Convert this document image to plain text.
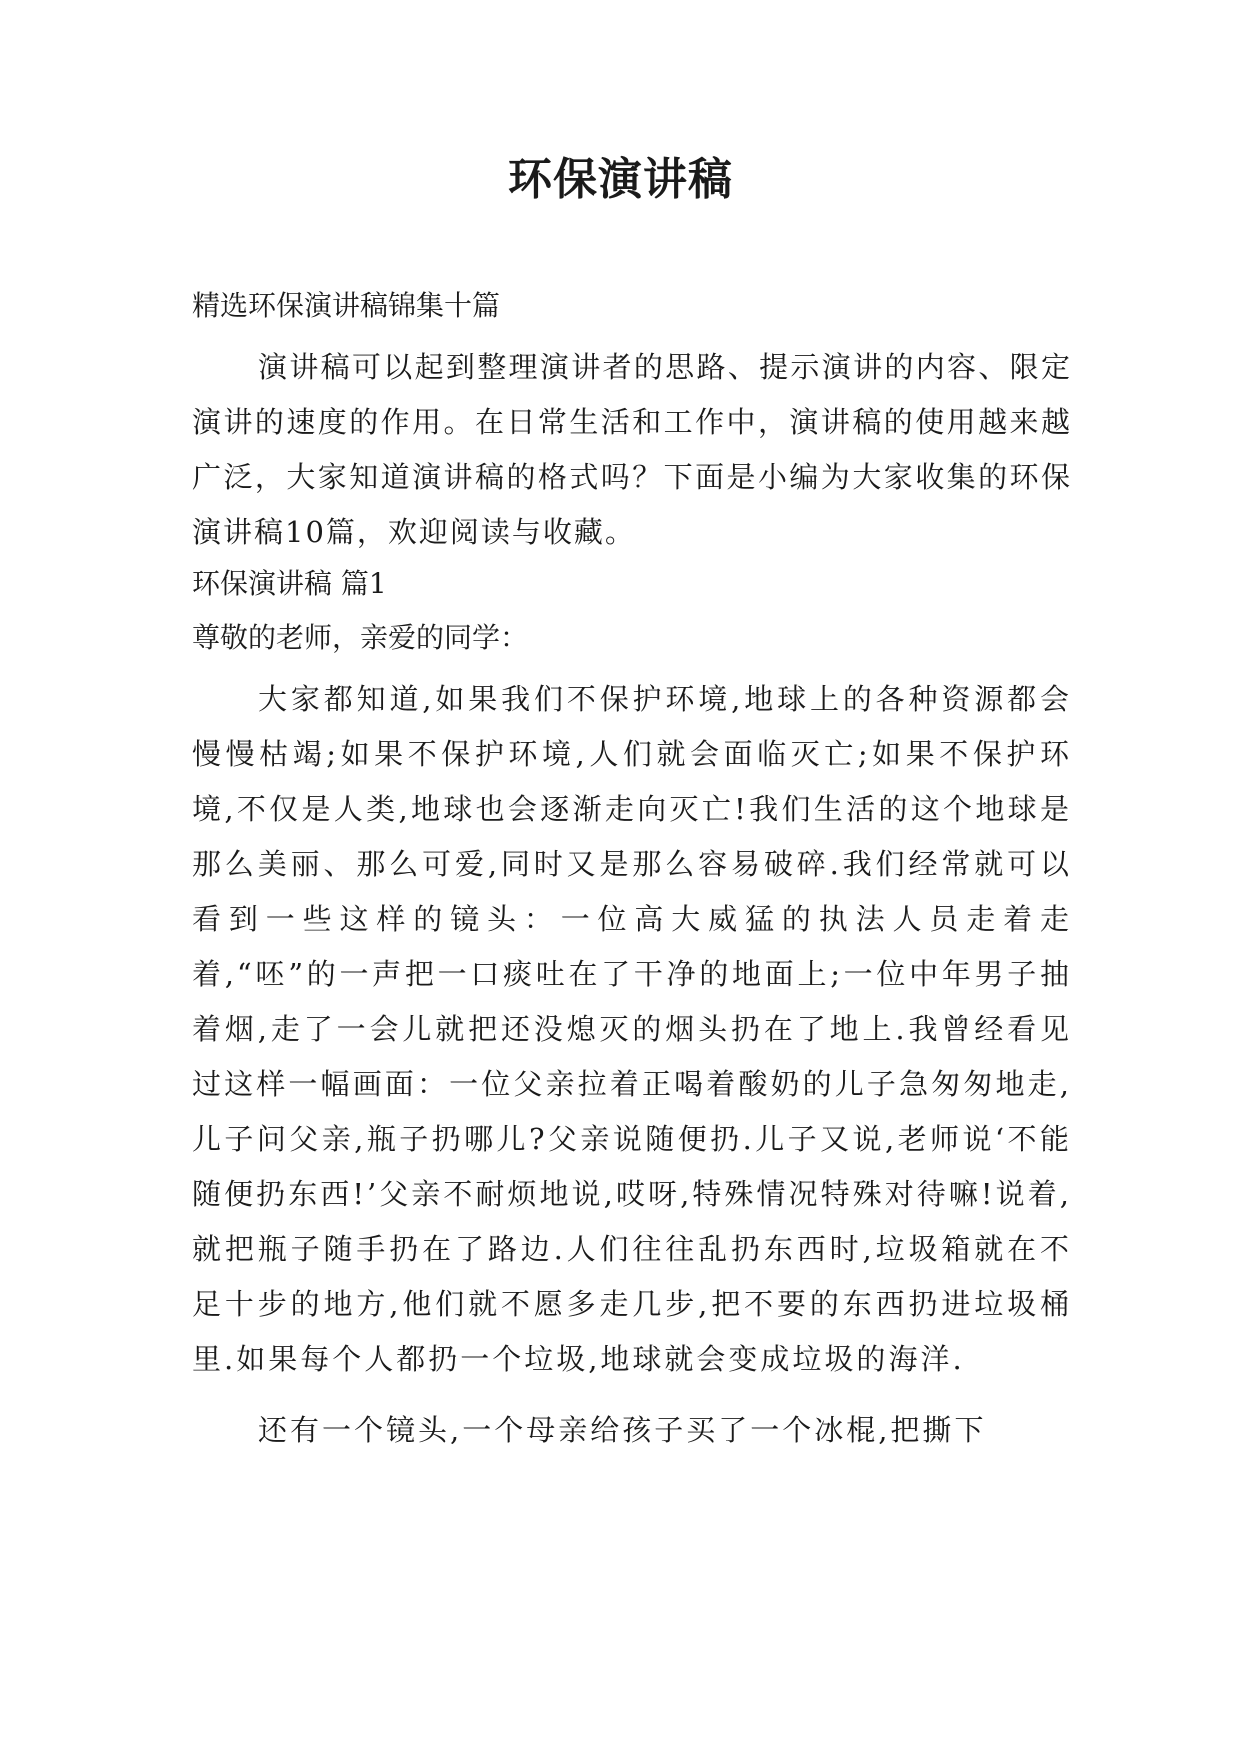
环保演讲稿

精选环保演讲稿锦集十篇

演讲稿可以起到整理演讲者的思路、提示演讲的内容、限定演讲的速度的作用。在日常生活和工作中，演讲稿的使用越来越广泛，大家知道演讲稿的格式吗？下面是小编为大家收集的环保演讲稿10篇，欢迎阅读与收藏。

环保演讲稿 篇1

尊敬的老师，亲爱的同学：

大家都知道,如果我们不保护环境,地球上的各种资源都会慢慢枯竭;如果不保护环境,人们就会面临灭亡;如果不保护环境,不仅是人类,地球也会逐渐走向灭亡!我们生活的这个地球是那么美丽、那么可爱,同时又是那么容易破碎.我们经常就可以看到一些这样的镜头：一位高大威猛的执法人员走着走着,“呸”的一声把一口痰吐在了干净的地面上;一位中年男子抽着烟,走了一会儿就把还没熄灭的烟头扔在了地上.我曾经看见过这样一幅画面：一位父亲拉着正喝着酸奶的儿子急匆匆地走,儿子问父亲,瓶子扔哪儿?父亲说随便扔.儿子又说,老师说‘不能随便扔东西!’父亲不耐烦地说,哎呀,特殊情况特殊对待嘛!说着,就把瓶子随手扔在了路边.人们往往乱扔东西时,垃圾箱就在不足十步的地方,他们就不愿多走几步,把不要的东西扔进垃圾桶里.如果每个人都扔一个垃圾,地球就会变成垃圾的海洋.

还有一个镜头,一个母亲给孩子买了一个冰棍,把撕下
